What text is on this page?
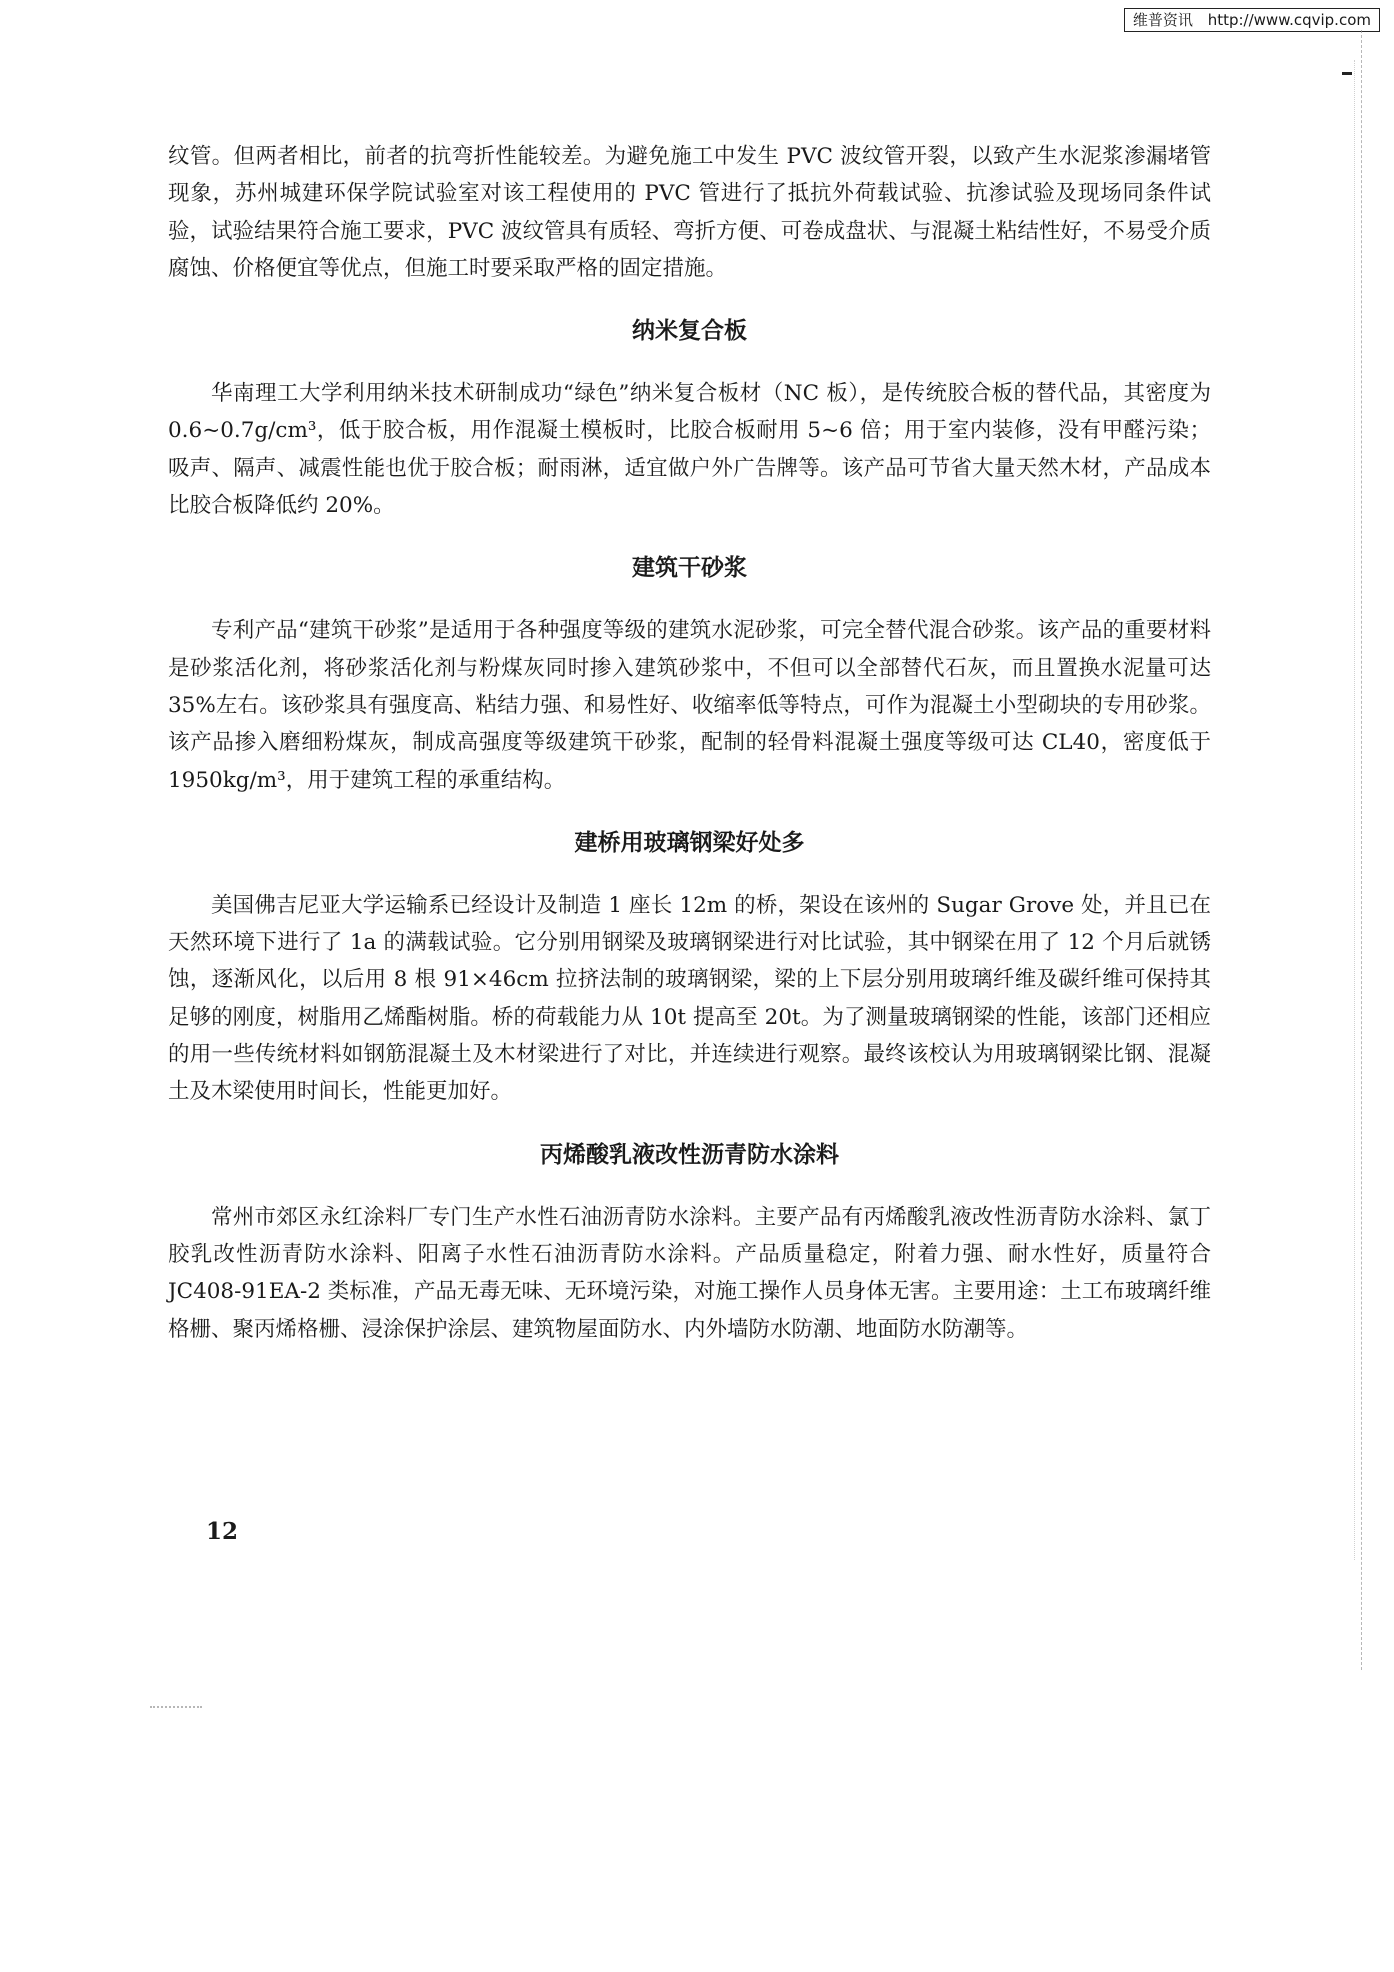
维普资讯 http://www.cqvip.com

纹管。但两者相比，前者的抗弯折性能较差。为避免施工中发生 PVC 波纹管开裂，以致产生水泥浆渗漏堵管现象，苏州城建环保学院试验室对该工程使用的 PVC 管进行了抵抗外荷载试验、抗渗试验及现场同条件试验，试验结果符合施工要求，PVC 波纹管具有质轻、弯折方便、可卷成盘状、与混凝土粘结性好，不易受介质腐蚀、价格便宜等优点，但施工时要采取严格的固定措施。

纳米复合板

华南理工大学利用纳米技术研制成功“绿色”纳米复合板材（NC 板），是传统胶合板的替代品，其密度为 0.6~0.7g/cm³，低于胶合板，用作混凝土模板时，比胶合板耐用 5~6 倍；用于室内装修，没有甲醛污染；吸声、隔声、减震性能也优于胶合板；耐雨淋，适宜做户外广告牌等。该产品可节省大量天然木材，产品成本比胶合板降低约 20%。

建筑干砂浆

专利产品“建筑干砂浆”是适用于各种强度等级的建筑水泥砂浆，可完全替代混合砂浆。该产品的重要材料是砂浆活化剂，将砂浆活化剂与粉煤灰同时掺入建筑砂浆中，不但可以全部替代石灰，而且置换水泥量可达 35%左右。该砂浆具有强度高、粘结力强、和易性好、收缩率低等特点，可作为混凝土小型砌块的专用砂浆。该产品掺入磨细粉煤灰，制成高强度等级建筑干砂浆，配制的轻骨料混凝土强度等级可达 CL40，密度低于 1950kg/m³，用于建筑工程的承重结构。

建桥用玻璃钢梁好处多

美国佛吉尼亚大学运输系已经设计及制造 1 座长 12m 的桥，架设在该州的 Sugar Grove 处，并且已在天然环境下进行了 1a 的满载试验。它分别用钢梁及玻璃钢梁进行对比试验，其中钢梁在用了 12 个月后就锈蚀，逐渐风化，以后用 8 根 91×46cm 拉挤法制的玻璃钢梁，梁的上下层分别用玻璃纤维及碳纤维可保持其足够的刚度，树脂用乙烯酯树脂。桥的荷载能力从 10t 提高至 20t。为了测量玻璃钢梁的性能，该部门还相应的用一些传统材料如钢筋混凝土及木材梁进行了对比，并连续进行观察。最终该校认为用玻璃钢梁比钢、混凝土及木梁使用时间长，性能更加好。

丙烯酸乳液改性沥青防水涂料

常州市郊区永红涂料厂专门生产水性石油沥青防水涂料。主要产品有丙烯酸乳液改性沥青防水涂料、氯丁胶乳改性沥青防水涂料、阳离子水性石油沥青防水涂料。产品质量稳定，附着力强、耐水性好，质量符合 JC408-91EA-2 类标准，产品无毒无味、无环境污染，对施工操作人员身体无害。主要用途：土工布玻璃纤维格栅、聚丙烯格栅、浸涂保护涂层、建筑物屋面防水、内外墙防水防潮、地面防水防潮等。

12
